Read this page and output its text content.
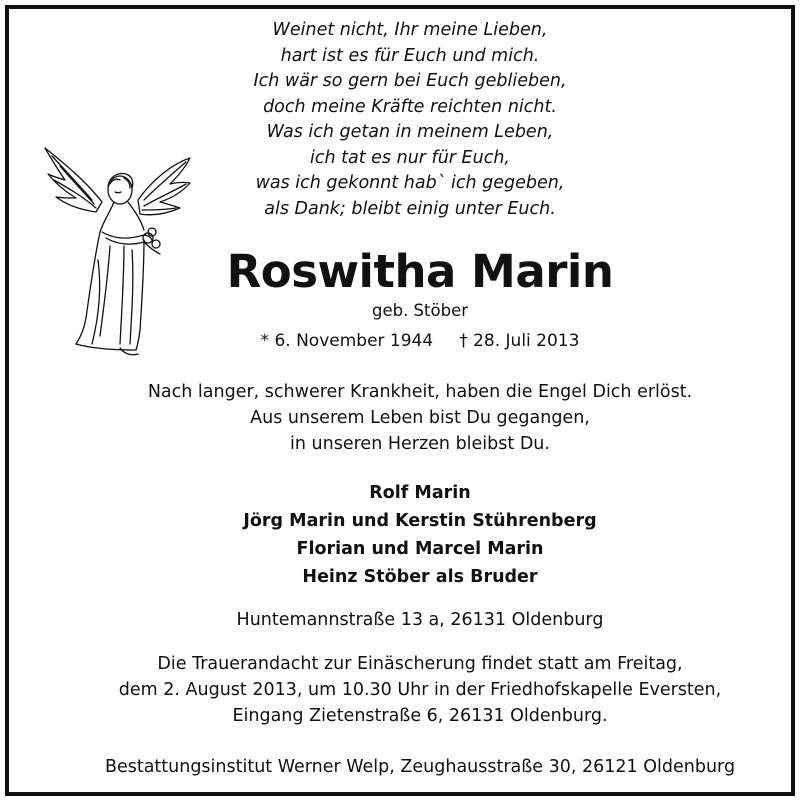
Weinet nicht, Ihr meine Lieben,
hart ist es für Euch und mich.
Ich wär so gern bei Euch geblieben,
doch meine Kräfte reichten nicht.
Was ich getan in meinem Leben,
ich tat es nur für Euch,
was ich gekonnt hab` ich gegeben,
als Dank; bleibt einig unter Euch.
Roswitha Marin
geb. Stöber
* 6. November 1944 † 28. Juli 2013
Nach langer, schwerer Krankheit, haben die Engel Dich erlöst.
Aus unserem Leben bist Du gegangen,
in unseren Herzen bleibst Du.
Rolf Marin
Jörg Marin und Kerstin Stührenberg
Florian und Marcel Marin
Heinz Stöber als Bruder
Huntemannstraße 13 a, 26131 Oldenburg
Die Trauerandacht zur Einäscherung findet statt am Freitag,
dem 2. August 2013, um 10.30 Uhr in der Friedhofskapelle Eversten,
Eingang Zietenstraße 6, 26131 Oldenburg.
Bestattungsinstitut Werner Welp, Zeughausstraße 30, 26121 Oldenburg
